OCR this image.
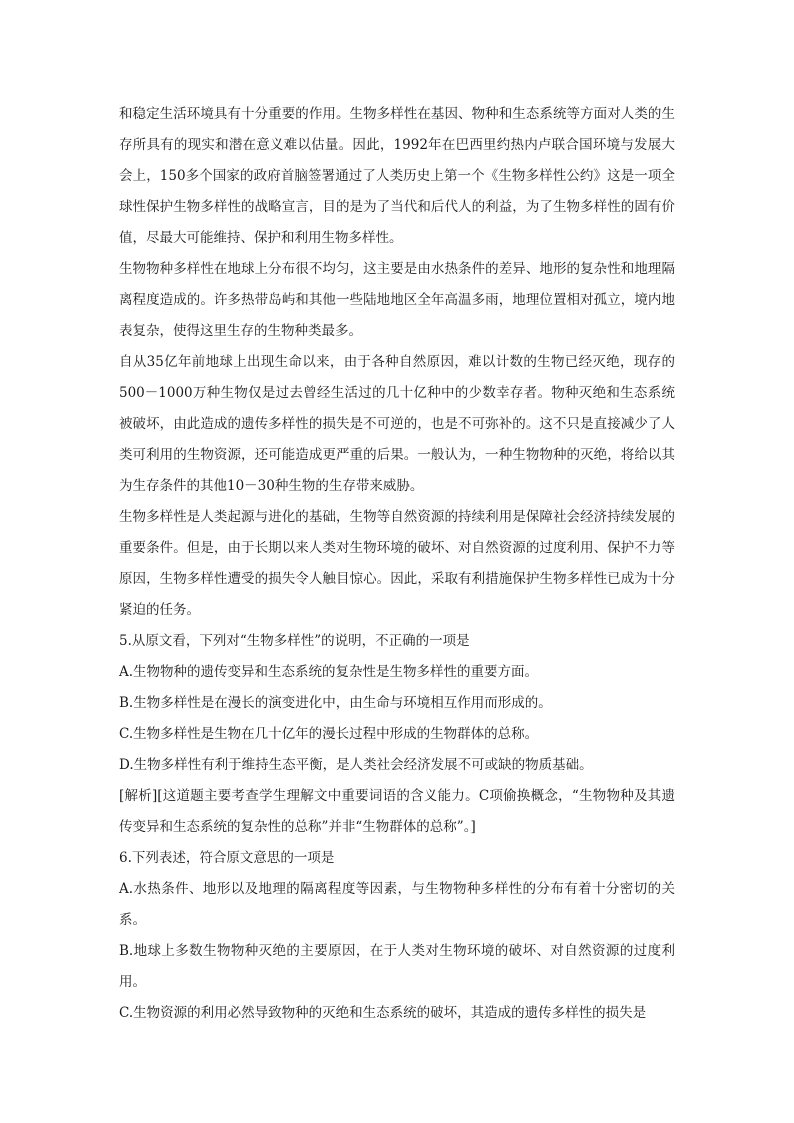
和稳定生活环境具有十分重要的作用。生物多样性在基因、物种和生态系统等方面对人类的生存所具有的现实和潜在意义难以估量。因此，1992年在巴西里约热内卢联合国环境与发展大会上，150多个国家的政府首脑签署通过了人类历史上第一个《生物多样性公约》这是一项全球性保护生物多样性的战略宣言，目的是为了当代和后代人的利益，为了生物多样性的固有价值，尽最大可能维持、保护和利用生物多样性。

生物物种多样性在地球上分布很不均匀，这主要是由水热条件的差异、地形的复杂性和地理隔离程度造成的。许多热带岛屿和其他一些陆地地区全年高温多雨，地理位置相对孤立，境内地表复杂，使得这里生存的生物种类最多。

自从35亿年前地球上出现生命以来，由于各种自然原因，难以计数的生物已经灭绝，现存的500－1000万种生物仅是过去曾经生活过的几十亿种中的少数幸存者。物种灭绝和生态系统被破坏，由此造成的遗传多样性的损失是不可逆的，也是不可弥补的。这不只是直接减少了人类可利用的生物资源，还可能造成更严重的后果。一般认为，一种生物物种的灭绝，将给以其为生存条件的其他10－30种生物的生存带来威胁。

生物多样性是人类起源与进化的基础，生物等自然资源的持续利用是保障社会经济持续发展的重要条件。但是，由于长期以来人类对生物环境的破坏、对自然资源的过度利用、保护不力等原因，生物多样性遭受的损失令人触目惊心。因此，采取有利措施保护生物多样性已成为十分紧迫的任务。

5.从原文看，下列对“生物多样性”的说明，不正确的一项是

A.生物物种的遗传变异和生态系统的复杂性是生物多样性的重要方面。

B.生物多样性是在漫长的演变进化中，由生命与环境相互作用而形成的。

C.生物多样性是生物在几十亿年的漫长过程中形成的生物群体的总称。

D.生物多样性有利于维持生态平衡，是人类社会经济发展不可或缺的物质基础。

[解析][这道题主要考查学生理解文中重要词语的含义能力。C项偷换概念，“生物物种及其遗传变异和生态系统的复杂性的总称”并非“生物群体的总称”。]

6.下列表述，符合原文意思的一项是

A.水热条件、地形以及地理的隔离程度等因素，与生物物种多样性的分布有着十分密切的关系。

B.地球上多数生物物种灭绝的主要原因，在于人类对生物环境的破坏、对自然资源的过度利用。

C.生物资源的利用必然导致物种的灭绝和生态系统的破坏，其造成的遗传多样性的损失是
